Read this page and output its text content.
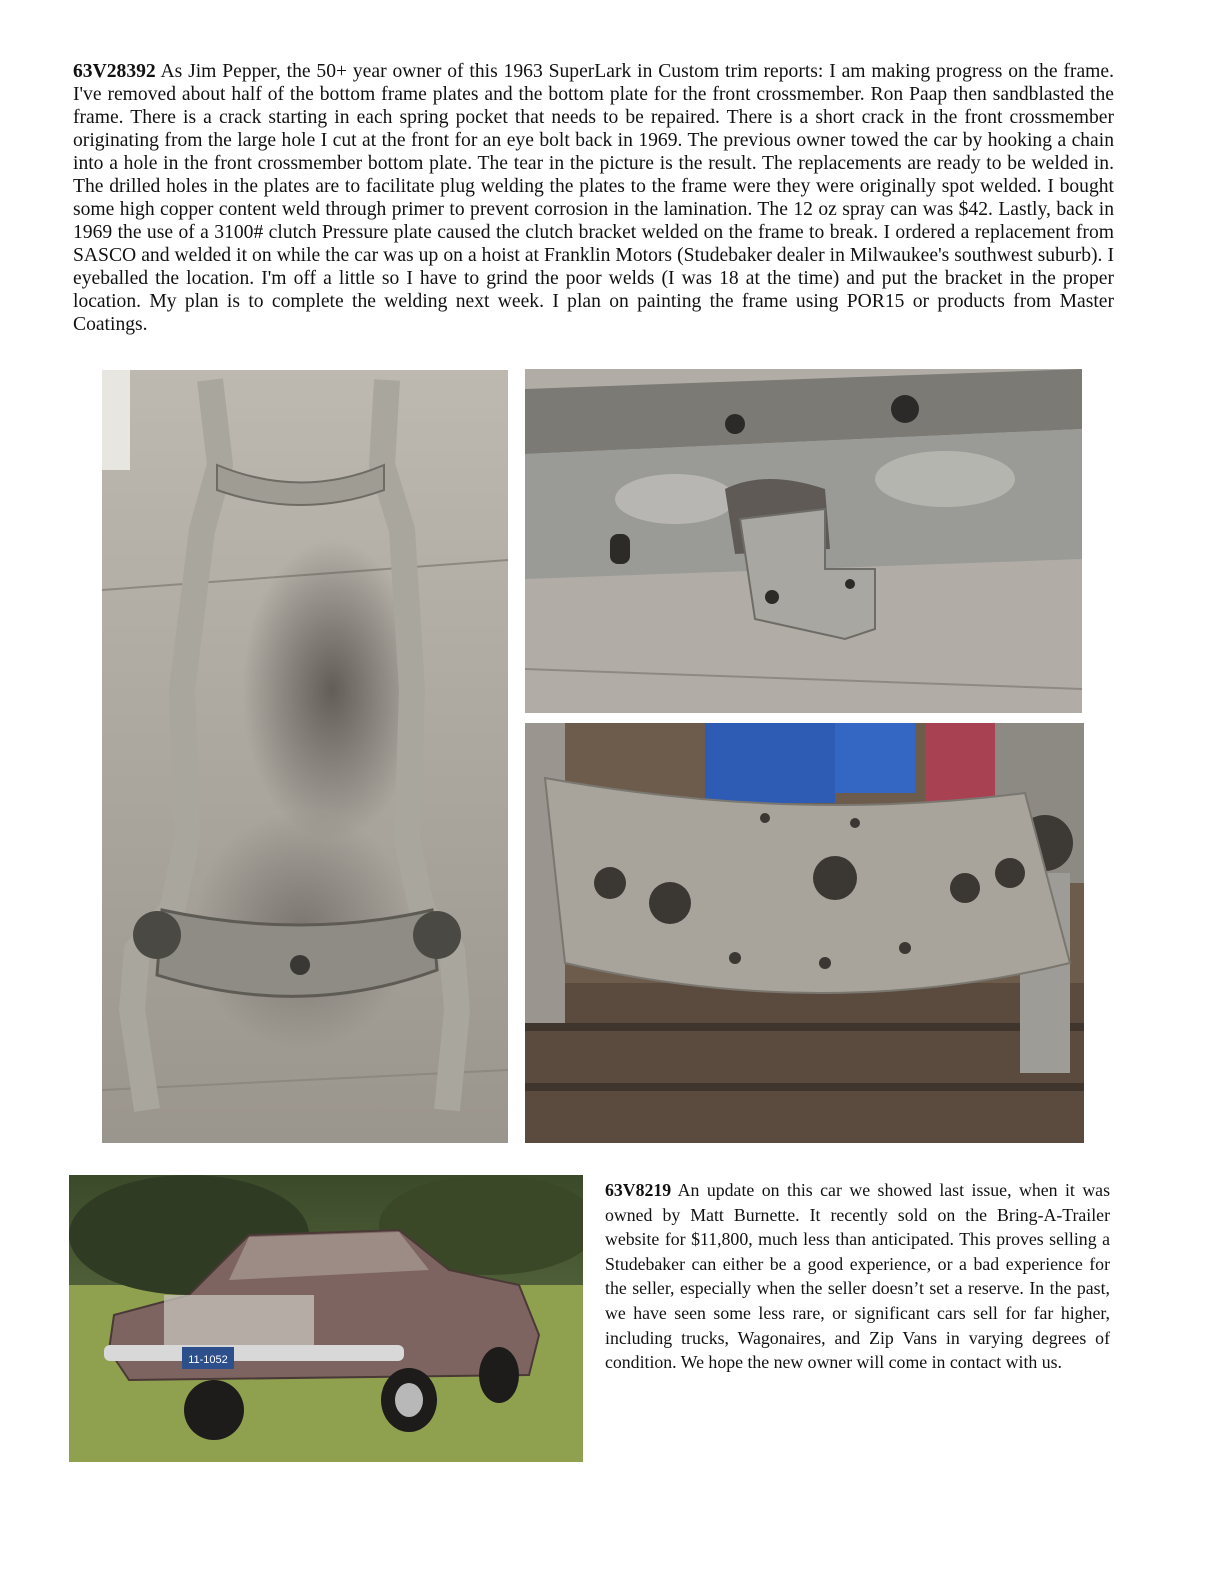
63V28392 As Jim Pepper, the 50+ year owner of this 1963 SuperLark in Custom trim reports: I am making progress on the frame. I've removed about half of the bottom frame plates and the bottom plate for the front crossmember. Ron Paap then sandblasted the frame. There is a crack starting in each spring pocket that needs to be repaired. There is a short crack in the front crossmember originating from the large hole I cut at the front for an eye bolt back in 1969. The previous owner towed the car by hooking a chain into a hole in the front crossmember bottom plate. The tear in the picture is the result. The replacements are ready to be welded in. The drilled holes in the plates are to facilitate plug welding the plates to the frame were they were originally spot welded. I bought some high copper content weld through primer to prevent corrosion in the lamination. The 12 oz spray can was $42. Lastly, back in 1969 the use of a 3100# clutch Pressure plate caused the clutch bracket welded on the frame to break. I ordered a replacement from SASCO and welded it on while the car was up on a hoist at Franklin Motors (Studebaker dealer in Milwaukee's southwest suburb). I eyeballed the location. I'm off a little so I have to grind the poor welds (I was 18 at the time) and put the bracket in the proper location. My plan is to complete the welding next week. I plan on painting the frame using POR15 or products from Master Coatings.

11-1052

63V8219 An update on this car we showed last issue, when it was owned by Matt Burnette. It recently sold on the Bring-A-Trailer website for $11,800, much less than anticipated. This proves selling a Studebaker can either be a good experience, or a bad experience for the seller, especially when the seller doesn’t set a reserve. In the past, we have seen some less rare, or significant cars sell for far higher, including trucks, Wagonaires, and Zip Vans in varying degrees of condition. We hope the new owner will come in contact with us.
